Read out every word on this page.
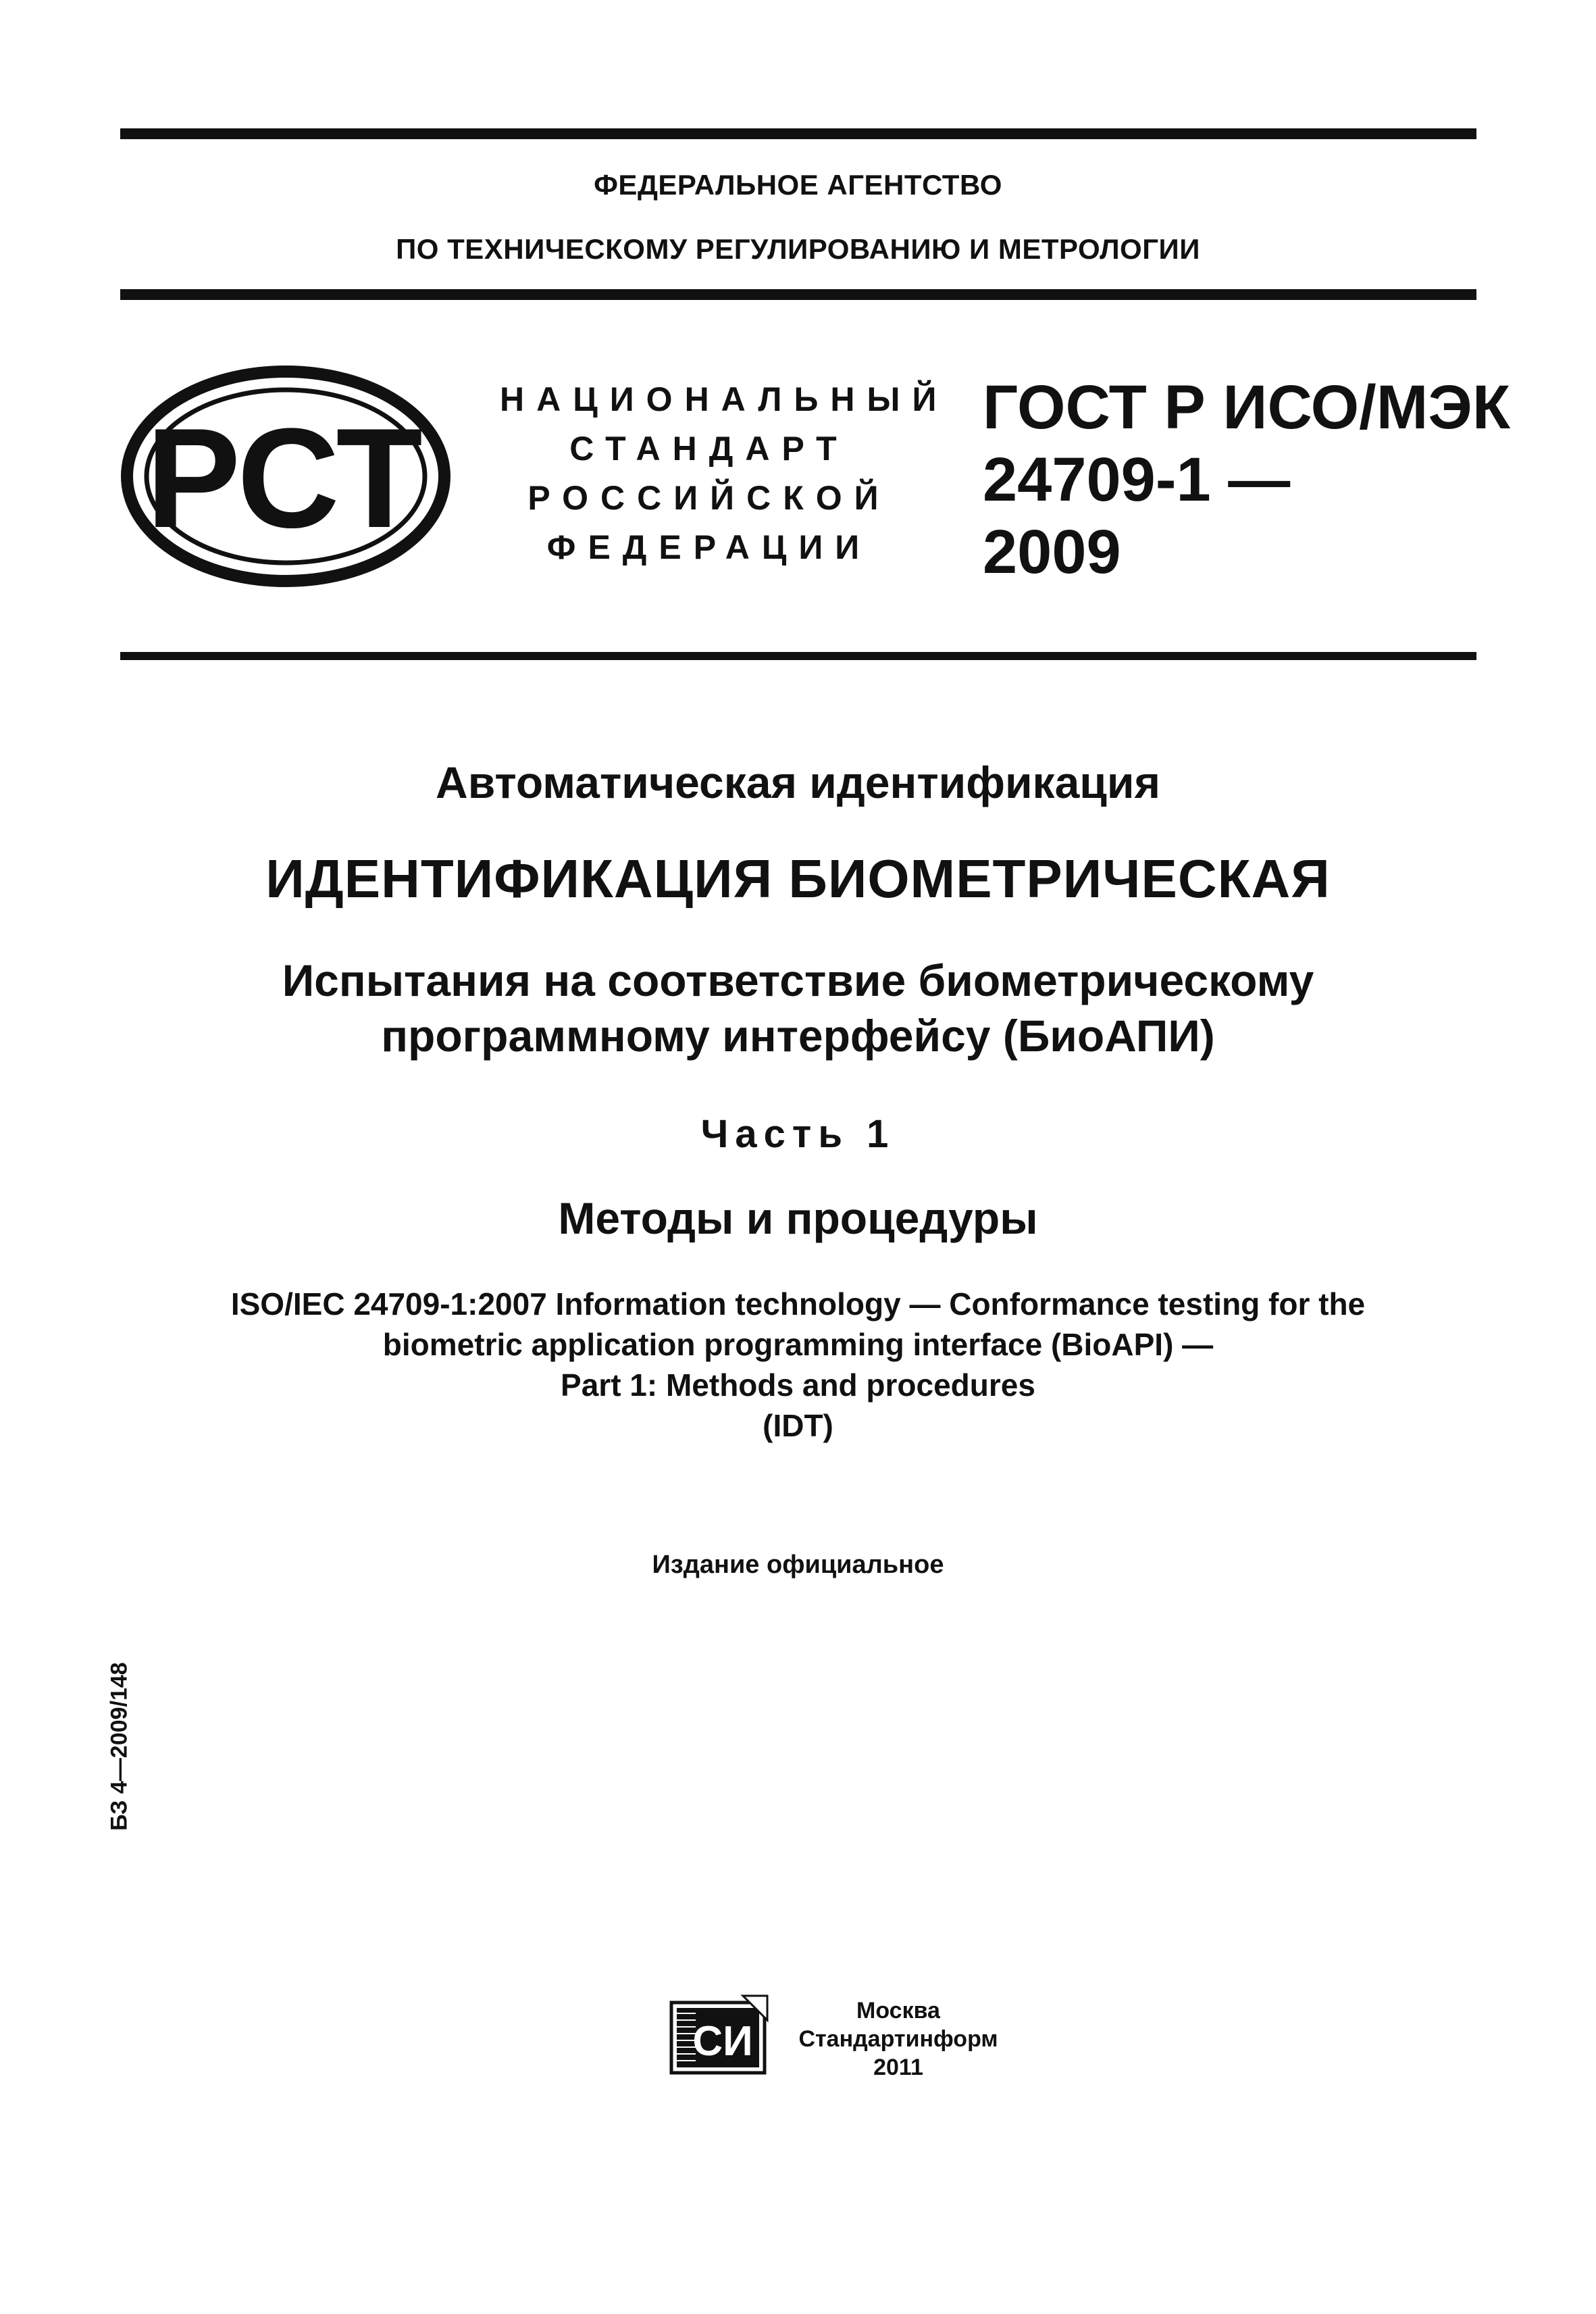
ФЕДЕРАЛЬНОЕ АГЕНТСТВО
ПО ТЕХНИЧЕСКОМУ РЕГУЛИРОВАНИЮ И МЕТРОЛОГИИ
РСТ НАЦИОНАЛЬНЫЙ
СТАНДАРТ
РОССИЙСКОЙ
ФЕДЕРАЦИИ
ГОСТ Р ИСО/МЭК
24709-1 —
2009
Автоматическая идентификация
ИДЕНТИФИКАЦИЯ БИОМЕТРИЧЕСКАЯ
Испытания на соответствие биометрическому
программному интерфейсу (БиоАПИ)
Часть 1
Методы и процедуры
ISO/IEC 24709-1:2007 Information technology — Conformance testing for the
biometric application programming interface (BioAPI) —
Part 1: Methods and procedures
(IDT)
Издание официальное
БЗ 4—2009/148
СИ
Москва
Стандартинформ
2011
